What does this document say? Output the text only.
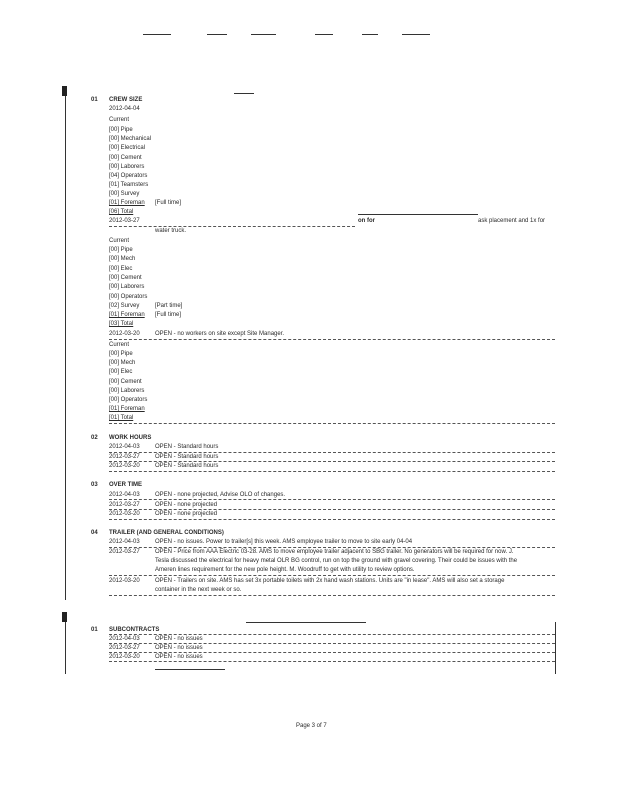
01 CREW SIZE
2012-04-04
Current
[00] Pipe
[00] Mechanical
[00] Electrical
[00] Cement
[00] Laborers
[04] Operators
[01] Teamsters
[00] Survey
[01] Foreman [Full time]
[06] Total
2012-03-27	on for	ask placement and 1x for
water truck.
Current
[00] Pipe
[00] Mech
[00] Elec
[00] Cement
[00] Laborers
[00] Operators
[02] Survey	[Part time]
[01] Foreman [Full time]
[03] Total
2012-03-20	OPEN - no workers on site except Site Manager.
Current
[00] Pipe
[00] Mech
[00] Elec
[00] Cement
[00] Laborers
[00] Operators
[01] Foreman
[01] Total
02 WORK HOURS
2012-04-03	OPEN - Standard hours
2012-03-27	OPEN - Standard hours
2012-03-20	OPEN - Standard hours
03 OVER TIME
2012-04-03	OPEN - none projected, Advise OLO of changes.
2012-03-27	OPEN - none projected
2012-03-20	OPEN - none projected
04 TRAILER (AND GENERAL CONDITIONS)
2012-04-03	OPEN - no issues. Power to trailer[s] this week. AMS employee trailer to move to site early 04-04
2012-03-27	OPEN - Price from AAA Electric 03-28. AMS to move employee trailer adjacent to SBG trailer. No generators will be required for now. J.
Tesla discussed the electrical for heavy metal OLR BG control, run on top the ground with gravel covering. Their could be issues with the
Ameren lines requirement for the new pole height. M. Woodruff to get with utility to review options.
2012-03-20	OPEN - Trailers on site. AMS has set 3x portable toilets with 2x hand wash stations. Units are "in lease". AMS will also set a storage
container in the next week or so.
01 SUBCONTRACTS
2012-04-03	OPEN - no issues
2012-03-27	OPEN - no issues
2012-03-20	OPEN - no issues
Page 3 of 7
